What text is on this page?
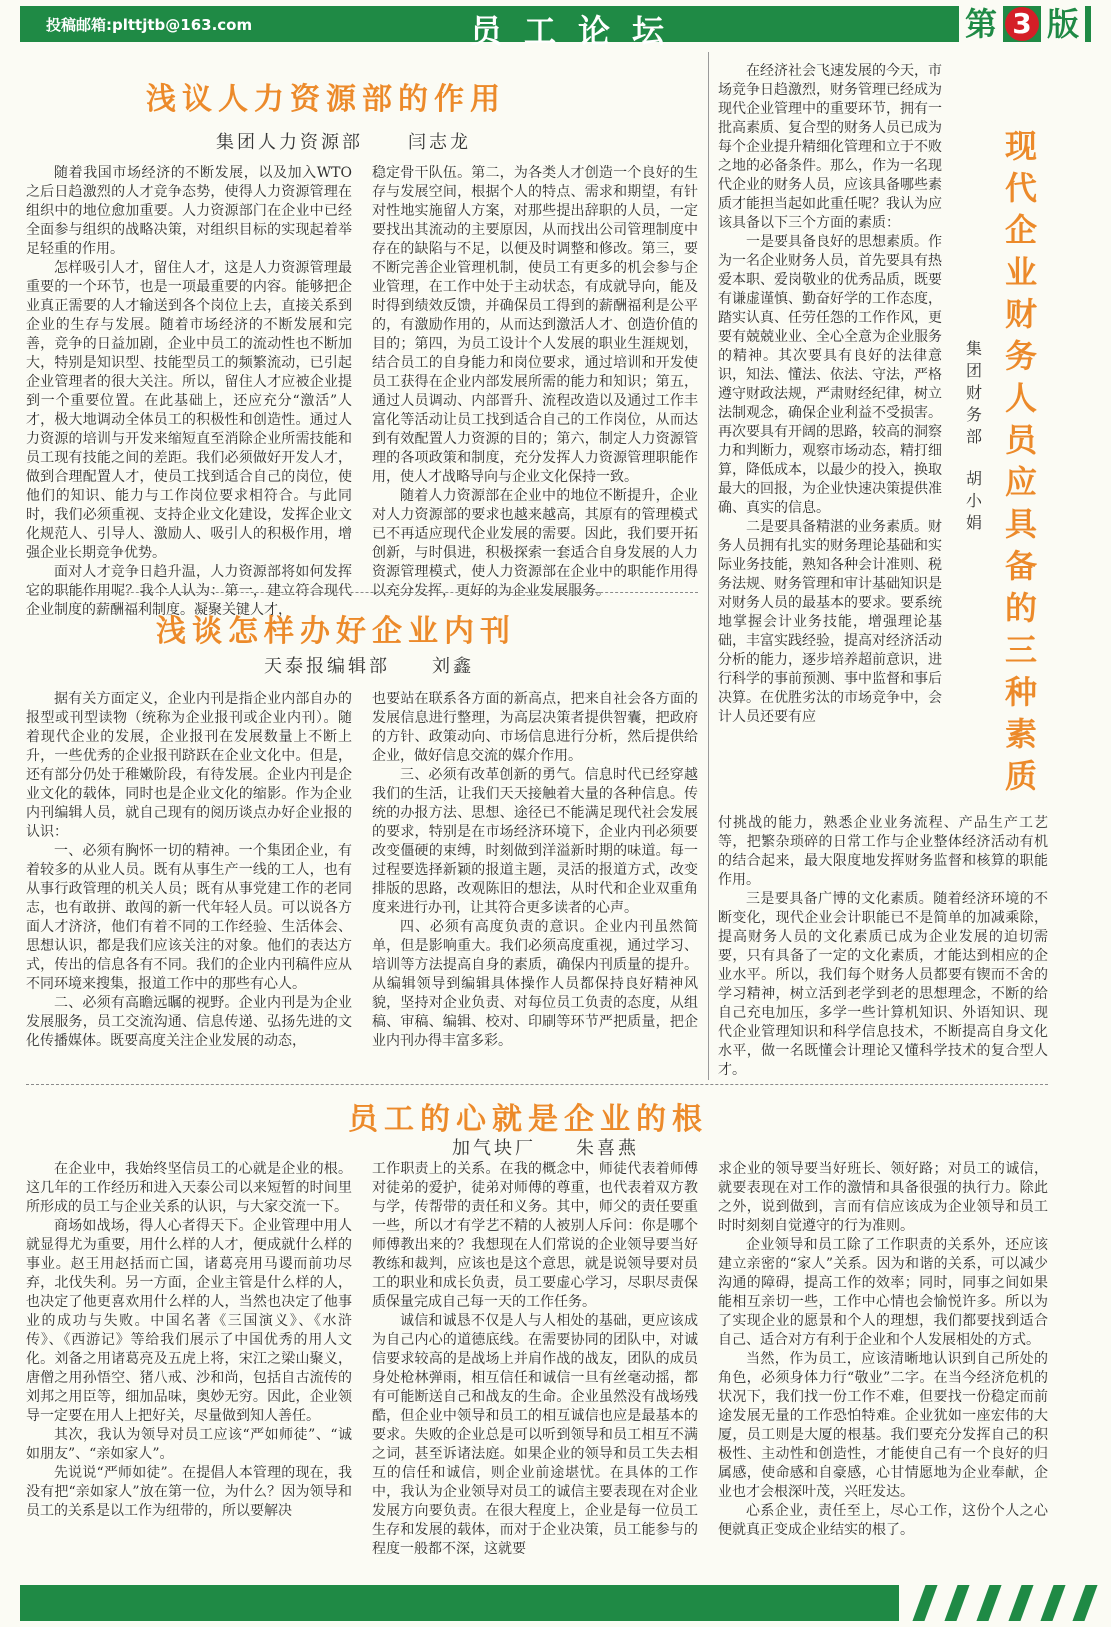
投稿邮箱:plttjtb@163.com	员工论坛	第 3 版
浅议人力资源部的作用
集团人力资源部	闫志龙

随着我国市场经济的不断发展，以及加入WTO之后日趋激烈的人才竞争态势，使得人力资源管理在组织中的地位愈加重要。人力资源部门在企业中已经全面参与组织的战略决策，对组织目标的实现起着举足轻重的作用。

怎样吸引人才，留住人才，这是人力资源管理最重要的一个环节，也是一项最重要的内容。能够把企业真正需要的人才输送到各个岗位上去，直接关系到企业的生存与发展。随着市场经济的不断发展和完善，竞争的日益加剧，企业中员工的流动性也不断加大，特别是知识型、技能型员工的频繁流动，已引起企业管理者的很大关注。所以，留住人才应被企业提到一个重要位置。在此基础上，还应充分“激活”人才，极大地调动全体员工的积极性和创造性。通过人力资源的培训与开发来缩短直至消除企业所需技能和员工现有技能之间的差距。我们必须做好开发人才，做到合理配置人才，使员工找到适合自己的岗位，使他们的知识、能力与工作岗位要求相符合。与此同时，我们必须重视、支持企业文化建设，发挥企业文化规范人、引导人、激励人、吸引人的积极作用，增强企业长期竞争优势。

面对人才竞争日趋升温，人力资源部将如何发挥它的职能作用呢？我个人认为：第一，建立符合现代企业制度的薪酬福利制度。凝聚关键人才，

稳定骨干队伍。第二，为各类人才创造一个良好的生存与发展空间，根据个人的特点、需求和期望，有针对性地实施留人方案，对那些提出辞职的人员，一定要找出其流动的主要原因，从而找出公司管理制度中存在的缺陷与不足，以便及时调整和修改。第三，要不断完善企业管理机制，使员工有更多的机会参与企业管理，在工作中处于主动状态，有成就导向，能及时得到绩效反馈，并确保员工得到的薪酬福利是公平的，有激励作用的，从而达到激活人才、创造价值的目的；第四，为员工设计个人发展的职业生涯规划，结合员工的自身能力和岗位要求，通过培训和开发使员工获得在企业内部发展所需的能力和知识；第五，通过人员调动、内部晋升、流程改造以及通过工作丰富化等活动让员工找到适合自己的工作岗位，从而达到有效配置人力资源的目的；第六，制定人力资源管理的各项政策和制度，充分发挥人力资源管理职能作用，使人才战略导向与企业文化保持一致。

随着人力资源部在企业中的地位不断提升，企业对人力资源部的要求也越来越高，其原有的管理模式已不再适应现代企业发展的需要。因此，我们要开拓创新，与时俱进，积极探索一套适合自身发展的人力资源管理模式，使人力资源部在企业中的职能作用得以充分发挥，更好的为企业发展服务。

浅谈怎样办好企业内刊
天泰报编辑部 刘鑫

据有关方面定义，企业内刊是指企业内部自办的报型或刊型读物（统称为企业报刊或企业内刊）。随着现代企业的发展，企业报刊在发展数量上不断上升，一些优秀的企业报刊跻跃在企业文化中。但是，还有部分仍处于稚嫩阶段，有待发展。企业内刊是企业文化的载体，同时也是企业文化的缩影。作为企业内刊编辑人员，就自己现有的阅历谈点办好企业报的认识：

一、必须有胸怀一切的精神。一个集团企业，有着较多的从业人员。既有从事生产一线的工人，也有从事行政管理的机关人员；既有从事党建工作的老同志，也有敢拼、敢闯的新一代年轻人员。可以说各方面人才济济，他们有着不同的工作经验、生活体会、思想认识，都是我们应该关注的对象。他们的表达方式，传出的信息各有不同。我们的企业内刊稿件应从不同环境来搜集，报道工作中的那些有心人。

二、必须有高瞻远瞩的视野。企业内刊是为企业发展服务，员工交流沟通、信息传递、弘扬先进的文化传播媒体。既要高度关注企业发展的动态，

也要站在联系各方面的新高点，把来自社会各方面的发展信息进行整理，为高层决策者提供智囊，把政府的方针、政策动向、市场信息进行分析，然后提供给企业，做好信息交流的媒介作用。

三、必须有改革创新的勇气。信息时代已经穿越我们的生活，让我们天天接触着大量的各种信息。传统的办报方法、思想、途径已不能满足现代社会发展的要求，特别是在市场经济环境下，企业内刊必须要改变僵硬的束缚，时刻做到洋溢新时期的味道。每一过程要选择新颖的报道主题，灵活的报道方式，改变排版的思路，改观陈旧的想法，从时代和企业双重角度来进行办刊，让其符合更多读者的心声。

四、必须有高度负责的意识。企业内刊虽然简单，但是影响重大。我们必须高度重视，通过学习、培训等方法提高自身的素质，确保内刊质量的提升。从编辑领导到编辑具体操作人员都保持良好精神风貌，坚持对企业负责、对每位员工负责的态度，从组稿、审稿、编辑、校对、印刷等环节严把质量，把企业内刊办得丰富多彩。

在经济社会飞速发展的今天，市场竞争日趋激烈，财务管理已经成为现代企业管理中的重要环节，拥有一批高素质、复合型的财务人员已成为每个企业提升精细化管理和立于不败之地的必备条件。那么，作为一名现代企业的财务人员，应该具备哪些素质才能担当起如此重任呢？我认为应该具备以下三个方面的素质：

一是要具备良好的思想素质。作为一名企业财务人员，首先要具有热爱本职、爱岗敬业的优秀品质，既要有谦虚谨慎、勤奋好学的工作态度，踏实认真、任劳任怨的工作作风，更要有兢兢业业、全心全意为企业服务的精神。其次要具有良好的法律意识，知法、懂法、依法、守法，严格遵守财政法规，严肃财经纪律，树立法制观念，确保企业利益不受损害。再次要具有开阔的思路，较高的洞察力和判断力，观察市场动态，精打细算，降低成本，以最少的投入，换取最大的回报，为企业快速决策提供准确、真实的信息。

二是要具备精湛的业务素质。财务人员拥有扎实的财务理论基础和实际业务技能，熟知各种会计准则、税务法规、财务管理和审计基础知识是对财务人员的最基本的要求。要系统地掌握会计业务技能，增强理论基础，丰富实践经验，提高对经济活动分析的能力，逐步培养超前意识，进行科学的事前预测、事中监督和事后决算。在优胜劣汰的市场竞争中，会计人员还要有应

集团财务部
胡小娟
现代企业财务人员应具备的三种素质

付挑战的能力，熟悉企业业务流程、产品生产工艺等，把繁杂琐碎的日常工作与企业整体经济活动有机的结合起来，最大限度地发挥财务监督和核算的职能作用。

三是要具备广博的文化素质。随着经济环境的不断变化，现代企业会计职能已不是简单的加减乘除，提高财务人员的文化素质已成为企业发展的迫切需要，只有具备了一定的文化素质，才能达到相应的企业水平。所以，我们每个财务人员都要有锲而不舍的学习精神，树立活到老学到老的思想理念，不断的给自己充电加压，多学一些计算机知识、外语知识、现代企业管理知识和科学信息技术，不断提高自身文化水平，做一名既懂会计理论又懂科学技术的复合型人才。

员工的心就是企业的根
加气块厂 朱喜燕

在企业中，我始终坚信员工的心就是企业的根。这几年的工作经历和进入天泰公司以来短暂的时间里所形成的员工与企业关系的认识，与大家交流一下。

商场如战场，得人心者得天下。企业管理中用人就显得尤为重要，用什么样的人才，便成就什么样的事业。赵王用赵括而亡国，诸葛亮用马谡而前功尽弃，北伐失利。另一方面，企业主管是什么样的人，也决定了他更喜欢用什么样的人，当然也决定了他事业的成功与失败。中国名著《三国演义》、《水浒传》、《西游记》等给我们展示了中国优秀的用人文化。刘备之用诸葛亮及五虎上将，宋江之梁山聚义，唐僧之用孙悟空、猪八戒、沙和尚，包括自古流传的刘邦之用臣等，细加品味，奥妙无穷。因此，企业领导一定要在用人上把好关，尽量做到知人善任。

其次，我认为领导对员工应该“严如师徒”、“诚如朋友”、“亲如家人”。

先说说“严师如徒”。在提倡人本管理的现在，我没有把“亲如家人”放在第一位，为什么？因为领导和员工的关系是以工作为纽带的，所以要解决

工作职责上的关系。在我的概念中，师徒代表着师傅对徒弟的爱护，徒弟对师傅的尊重，也代表着双方教与学，传帮带的责任和义务。其中，师父的责任要重一些，所以才有学艺不精的人被别人斥问：你是哪个师傅教出来的？我想现在人们常说的企业领导要当好教练和裁判，应该也是这个意思，就是说领导要对员工的职业和成长负责，员工要虚心学习，尽职尽责保质保量完成自己每一天的工作任务。

诚信和诚恳不仅是人与人相处的基础，更应该成为自己内心的道德底线。在需要协同的团队中，对诚信要求较高的是战场上并肩作战的战友，团队的成员身处枪林弹雨，相互信任和诚信一旦有丝毫动摇，都有可能断送自己和战友的生命。企业虽然没有战场残酷，但企业中领导和员工的相互诚信也应是最基本的要求。失败的企业总是可以听到领导和员工相互不满之词，甚至诉诸法庭。如果企业的领导和员工失去相互的信任和诚信，则企业前途堪忧。在具体的工作中，我认为企业领导对员工的诚信主要表现在对企业发展方向要负责。在很大程度上，企业是每一位员工生存和发展的载体，而对于企业决策，员工能参与的程度一般都不深，这就要

求企业的领导要当好班长、领好路；对员工的诚信，就要表现在对工作的激情和具备很强的执行力。除此之外，说到做到，言而有信应该成为企业领导和员工时时刻刻自觉遵守的行为准则。

企业领导和员工除了工作职责的关系外，还应该建立亲密的“家人”关系。因为和谐的关系，可以减少沟通的障碍，提高工作的效率；同时，同事之间如果能相互亲切一些，工作中心情也会愉悦许多。所以为了实现企业的愿景和个人的理想，我们都要找到适合自己、适合对方有利于企业和个人发展相处的方式。

当然，作为员工，应该清晰地认识到自己所处的角色，必须身体力行“敬业”二字。在当今经济危机的状况下，我们找一份工作不难，但要找一份稳定而前途发展无量的工作恐怕特难。企业犹如一座宏伟的大厦，员工则是大厦的根基。我们要充分发挥自己的积极性、主动性和创造性，才能使自己有一个良好的归属感，使命感和自豪感，心甘情愿地为企业奉献，企业也才会根深叶茂，兴旺发达。

心系企业，责任至上，尽心工作，这份个人之心便就真正变成企业结实的根了。
